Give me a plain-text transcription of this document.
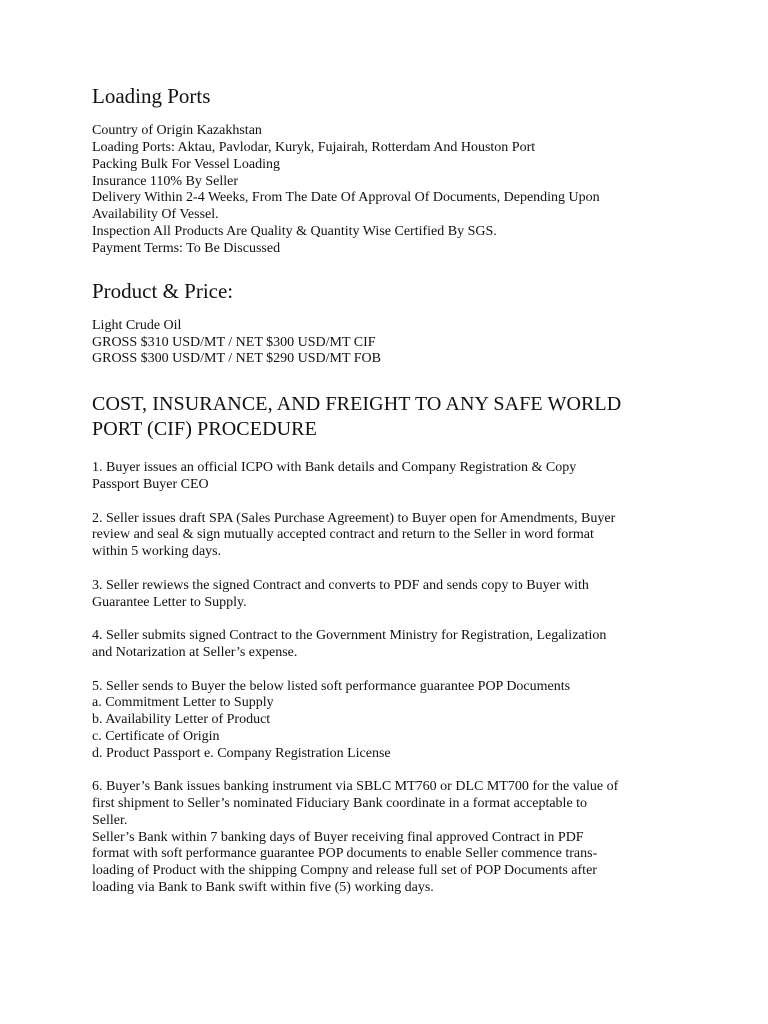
Loading Ports
Country of Origin Kazakhstan
Loading Ports: Aktau, Pavlodar, Kuryk, Fujairah, Rotterdam And Houston Port
Packing Bulk For Vessel Loading
Insurance 110% By Seller
Delivery Within 2-4 Weeks, From The Date Of Approval Of Documents, Depending Upon
Availability Of Vessel.
Inspection All Products Are Quality & Quantity Wise Certified By SGS.
Payment Terms: To Be Discussed
Product & Price:
Light Crude Oil
GROSS $310 USD/MT / NET $300 USD/MT CIF
GROSS $300 USD/MT / NET $290 USD/MT FOB
COST, INSURANCE, AND FREIGHT TO ANY SAFE WORLD
PORT (CIF) PROCEDURE
1. Buyer issues an official ICPO with Bank details and Company Registration & Copy
Passport Buyer CEO
2. Seller issues draft SPA (Sales Purchase Agreement) to Buyer open for Amendments, Buyer
review and seal & sign mutually accepted contract and return to the Seller in word format
within 5 working days.
3. Seller rewiews the signed Contract and converts to PDF and sends copy to Buyer with
Guarantee Letter to Supply.
4. Seller submits signed Contract to the Government Ministry for Registration, Legalization
and Notarization at Seller’s expense.
5. Seller sends to Buyer the below listed soft performance guarantee POP Documents
a. Commitment Letter to Supply
b. Availability Letter of Product
c. Certificate of Origin
d. Product Passport e. Company Registration License
6. Buyer’s Bank issues banking instrument via SBLC MT760 or DLC MT700 for the value of
first shipment to Seller’s nominated Fiduciary Bank coordinate in a format acceptable to
Seller.
Seller’s Bank within 7 banking days of Buyer receiving final approved Contract in PDF
format with soft performance guarantee POP documents to enable Seller commence trans-
loading of Product with the shipping Compny and release full set of POP Documents after
loading via Bank to Bank swift within five (5) working days.
